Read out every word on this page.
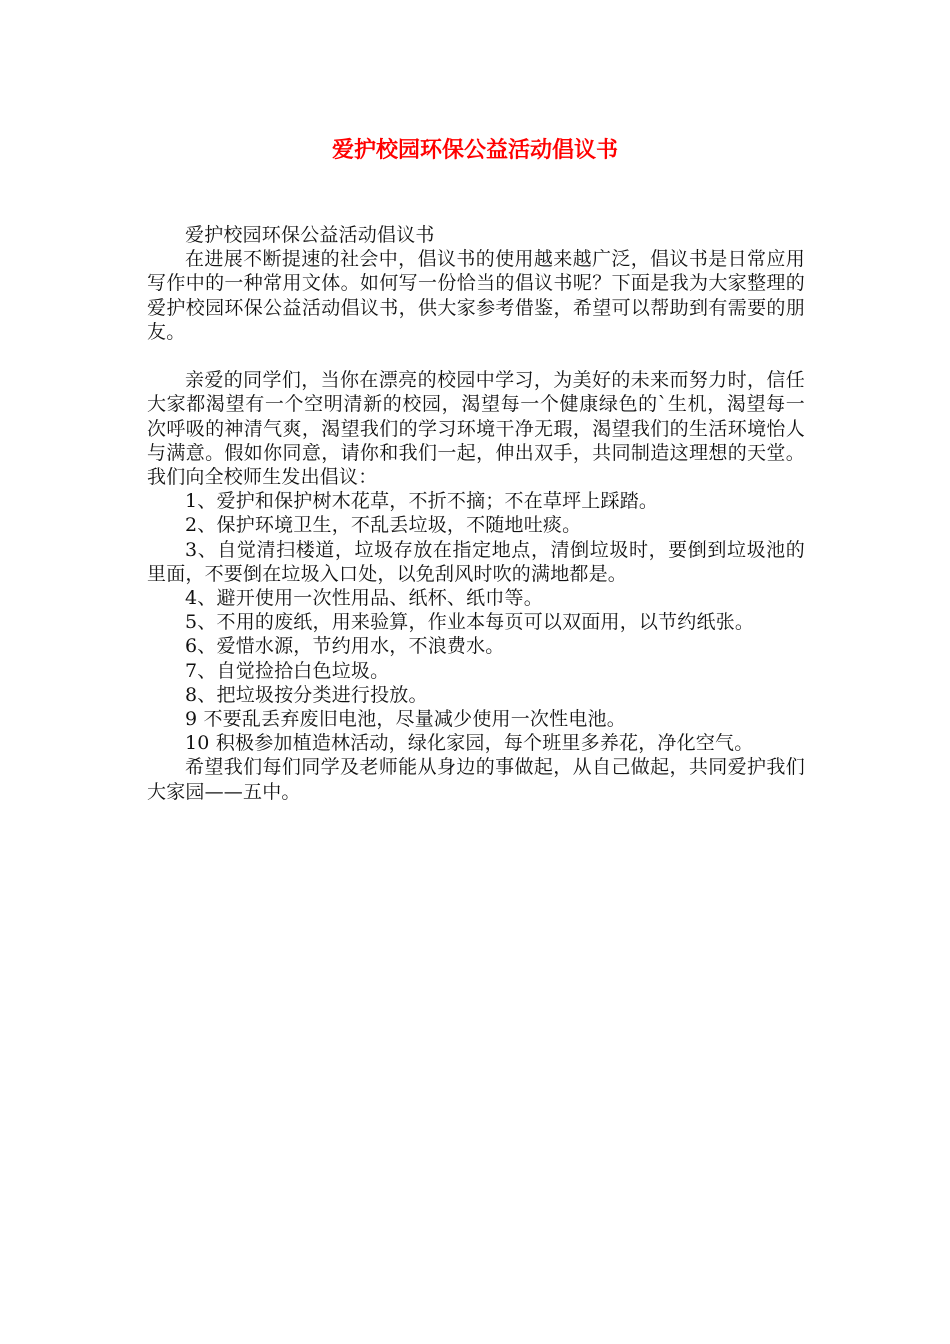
爱护校园环保公益活动倡议书

爱护校园环保公益活动倡议书

在进展不断提速的社会中，倡议书的使用越来越广泛，倡议书是日常应用写作中的一种常用文体。如何写一份恰当的倡议书呢？下面是我为大家整理的爱护校园环保公益活动倡议书，供大家参考借鉴，希望可以帮助到有需要的朋友。

亲爱的同学们，当你在漂亮的校园中学习，为美好的未来而努力时，信任大家都渴望有一个空明清新的校园，渴望每一个健康绿色的`生机，渴望每一次呼吸的神清气爽，渴望我们的学习环境干净无瑕，渴望我们的生活环境怡人与满意。假如你同意，请你和我们一起，伸出双手，共同制造这理想的天堂。我们向全校师生发出倡议：

1、爱护和保护树木花草，不折不摘；不在草坪上踩踏。

2、保护环境卫生，不乱丢垃圾，不随地吐痰。

3、自觉清扫楼道，垃圾存放在指定地点，清倒垃圾时，要倒到垃圾池的里面，不要倒在垃圾入口处，以免刮风时吹的满地都是。

4、避开使用一次性用品、纸杯、纸巾等。

5、不用的废纸，用来验算，作业本每页可以双面用，以节约纸张。

6、爱惜水源，节约用水，不浪费水。

7、自觉捡拾白色垃圾。

8、把垃圾按分类进行投放。

9 不要乱丢弃废旧电池，尽量减少使用一次性电池。

10 积极参加植造林活动，绿化家园，每个班里多养花，净化空气。

希望我们每们同学及老师能从身边的事做起，从自己做起，共同爱护我们大家园——五中。
